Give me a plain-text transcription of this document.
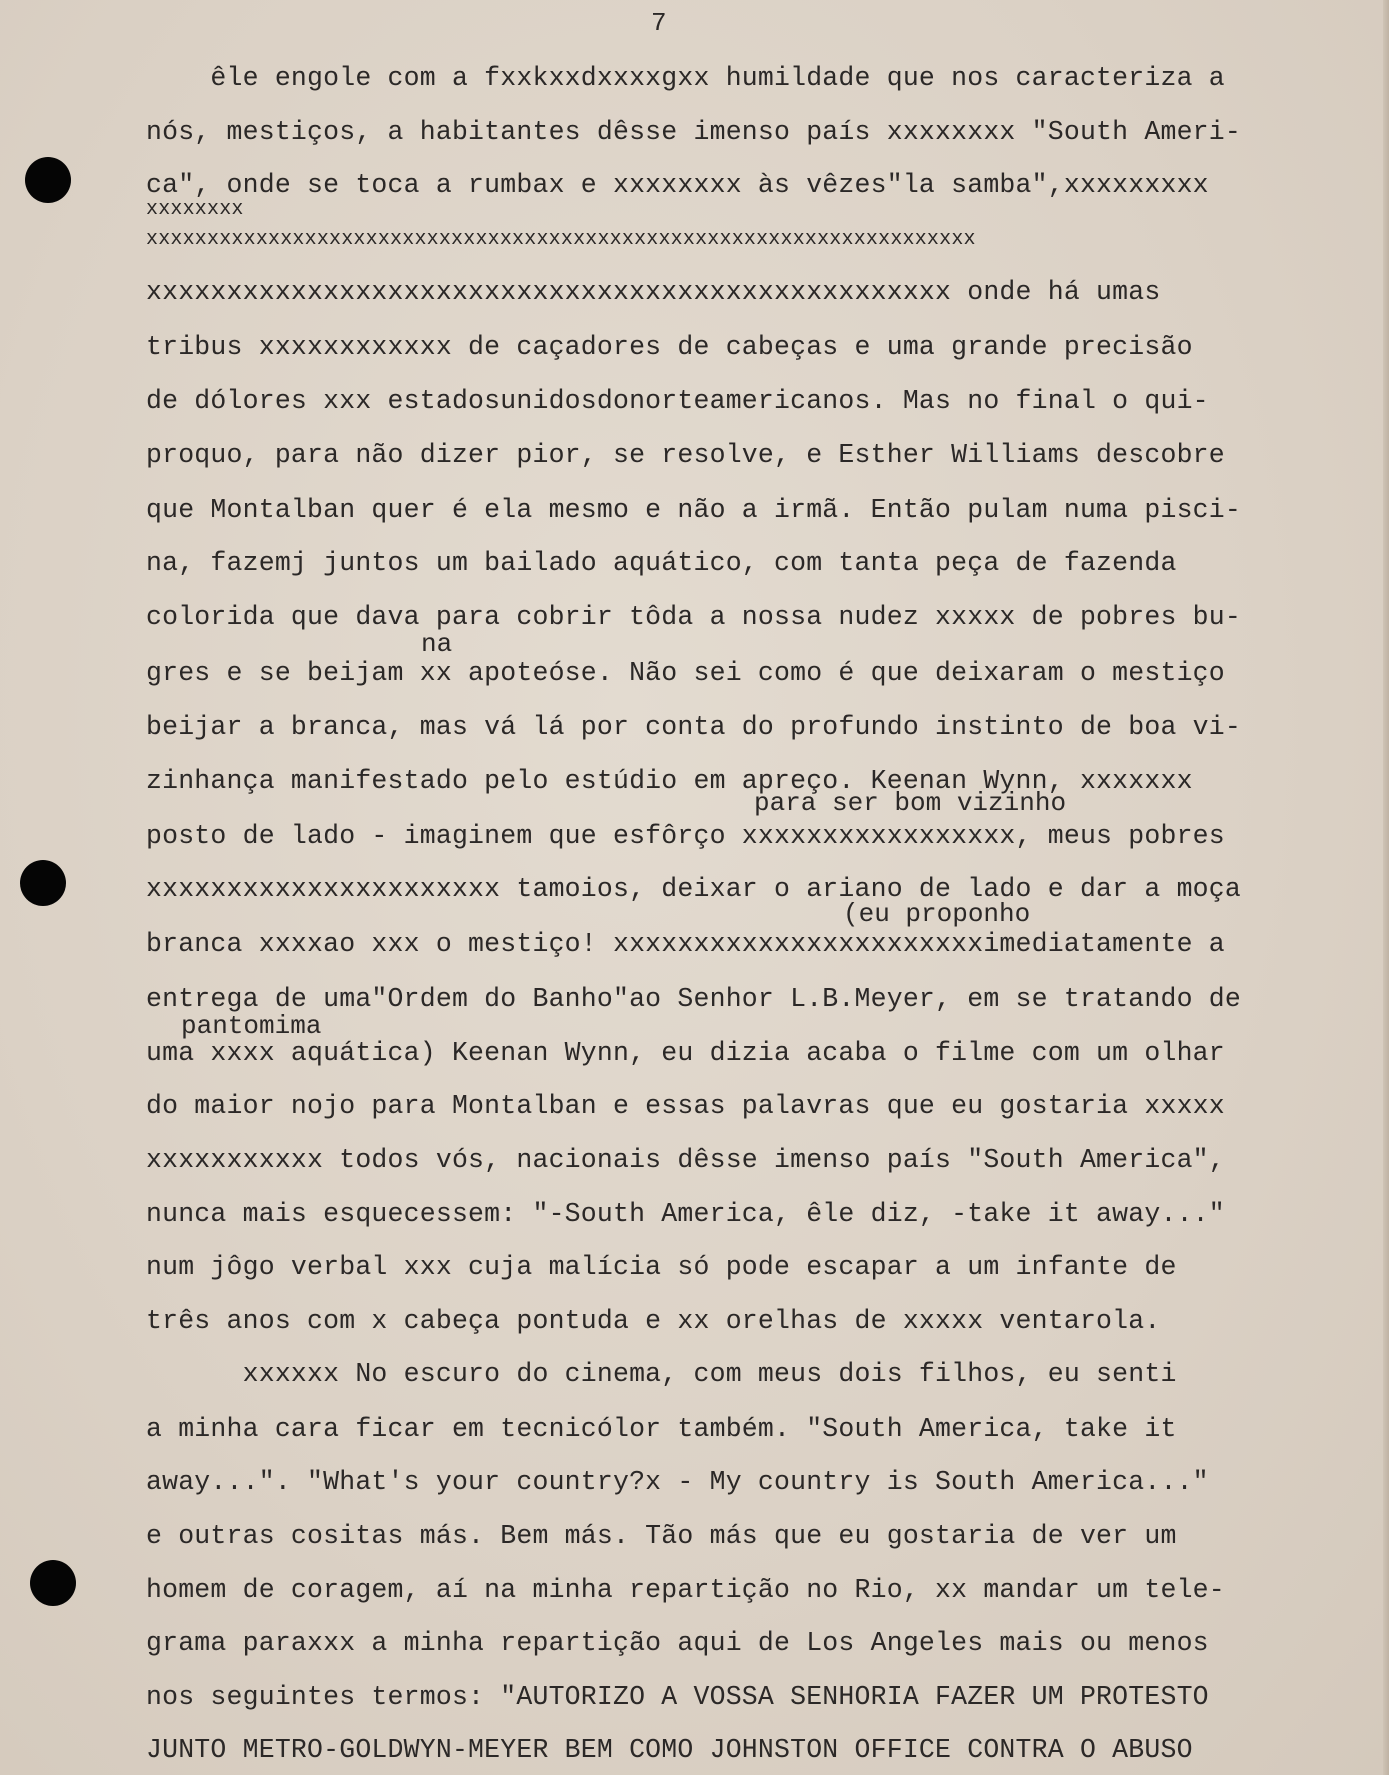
7
êle engole com a fxxkxxdxxxxgxx humildade que nos caracteriza a
nós, mestiços, a habitantes dêsse imenso país xxxxxxxx "South Ameri-
ca", onde se toca a rumbax e xxxxxxxx às vêzes"la samba",xxxxxxxxx
xxxxxxxx
xxxxxxxxxxxxxxxxxxxxxxxxxxxxxxxxxxxxxxxxxxxxxxxxxxxxxxxxxxxxxxxxxxxx
xxxxxxxxxxxxxxxxxxxxxxxxxxxxxxxxxxxxxxxxxxxxxxxxxx onde há umas
tribus xxxxxxxxxxxx de caçadores de cabeças e uma grande precisão
de dólores xxx estadosunidosdonorteamericanos. Mas no final o qui-
proquo, para não dizer pior, se resolve, e Esther Williams descobre
que Montalban quer é ela mesmo e não a irmã. Então pulam numa pisci-
na, fazemj juntos um bailado aquático, com tanta peça de fazenda
colorida que dava para cobrir tôda a nossa nudez xxxxx de pobres bu-
na
gres e se beijam xx apoteóse. Não sei como é que deixaram o mestiço
beijar a branca, mas vá lá por conta do profundo instinto de boa vi-
zinhança manifestado pelo estúdio em apreço. Keenan Wynn, xxxxxxx
para ser bom vizinho
posto de lado - imaginem que esfôrço xxxxxxxxxxxxxxxxx, meus pobres
xxxxxxxxxxxxxxxxxxxxxx tamoios, deixar o ariano de lado e dar a moça
(eu proponho
branca xxxxao xxx o mestiço! xxxxxxxxxxxxxxxxxxxxxxximediatamente a
entrega de uma"Ordem do Banho"ao Senhor L.B.Meyer, em se tratando de
pantomima
uma xxxx aquática) Keenan Wynn, eu dizia acaba o filme com um olhar
do maior nojo para Montalban e essas palavras que eu gostaria xxxxx
xxxxxxxxxxx todos vós, nacionais dêsse imenso país "South America",
nunca mais esquecessem: "-South America, êle diz, -take it away..."
num jôgo verbal xxx cuja malícia só pode escapar a um infante de
três anos com x cabeça pontuda e xx orelhas de xxxxx ventarola.
xxxxxx No escuro do cinema, com meus dois filhos, eu senti
a minha cara ficar em tecnicólor também. "South America, take it
away...". "What's your country?x - My country is South America..."
e outras cositas más. Bem más. Tão más que eu gostaria de ver um
homem de coragem, aí na minha repartição no Rio, xx mandar um tele-
grama paraxxx a minha repartição aqui de Los Angeles mais ou menos
nos seguintes termos: "AUTORIZO A VOSSA SENHORIA FAZER UM PROTESTO
JUNTO METRO-GOLDWYN-MEYER BEM COMO JOHNSTON OFFICE CONTRA O ABUSO
